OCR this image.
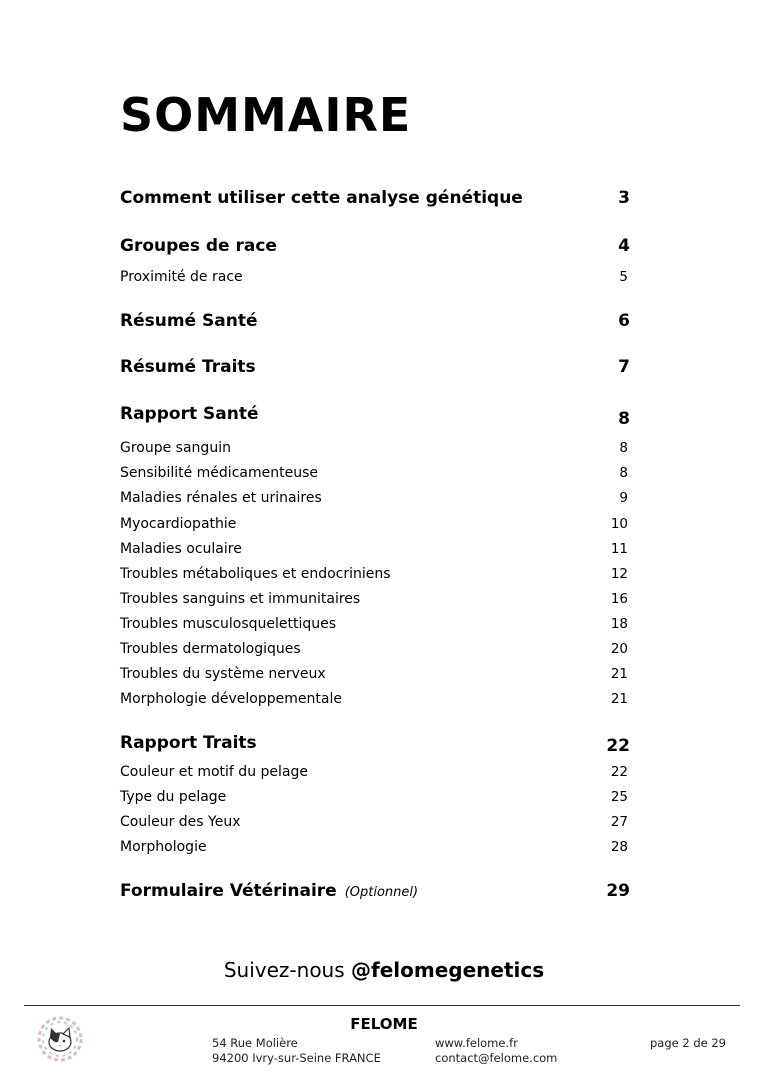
SOMMAIRE
Comment utiliser cette analyse génétique	3
Groupes de race	4
Proximité de race	5
Résumé Santé	6
Résumé Traits	7
Rapport Santé	8
Groupe sanguin	8
Sensibilité médicamenteuse	8
Maladies rénales et urinaires	9
Myocardiopathie	10
Maladies oculaire	11
Troubles métaboliques et endocriniens	12
Troubles sanguins et immunitaires	16
Troubles musculosquelettiques	18
Troubles dermatologiques	20
Troubles du système nerveux	21
Morphologie développementale	21
Rapport Traits	22
Couleur et motif du pelage	22
Type du pelage	25
Couleur des Yeux	27
Morphologie	28
Formulaire Vétérinaire (Optionnel)	29
Suivez-nous @felomegenetics
FELOME
54 Rue Molière
94200 Ivry-sur-Seine FRANCE
www.felome.fr
contact@felome.com
page 2 de 29
